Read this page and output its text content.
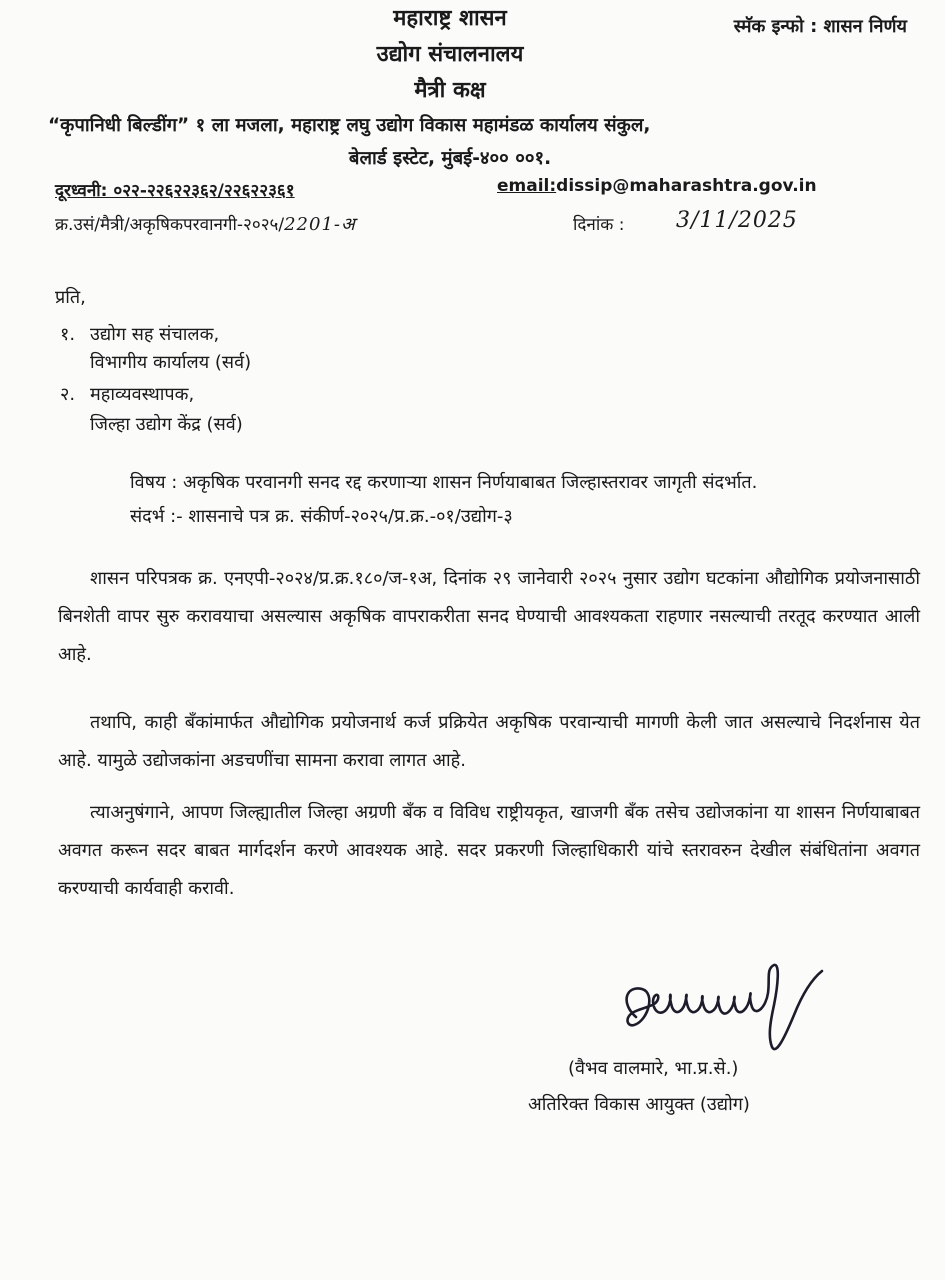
स्मॅक इन्फो : शासन निर्णय
महाराष्ट्र शासन
उद्योग संचालनालय
मैत्री कक्ष
“कृपानिधी बिल्डींग” १ ला मजला, महाराष्ट्र लघु उद्योग विकास महामंडळ कार्यालय संकुल,
बेलार्ड इस्टेट, मुंबई-४०० ००१.
दूरध्वनी: ०२२-२२६२२३६२/२२६२२३६१	email:dissip@maharashtra.gov.in
क्र.उसं/मैत्री/अकृषिकपरवानगी-२०२५/2201-अ	दिनांक : 3/11/2025
प्रति,
१. उद्योग सह संचालक,
विभागीय कार्यालय (सर्व)
२. महाव्यवस्थापक,
जिल्हा उद्योग केंद्र (सर्व)
विषय : अकृषिक परवानगी सनद रद्द करणाऱ्या शासन निर्णयाबाबत जिल्हास्तरावर जागृती संदर्भात.
संदर्भ :- शासनाचे पत्र क्र. संकीर्ण-२०२५/प्र.क्र.-०१/उद्योग-३
शासन परिपत्रक क्र. एनएपी-२०२४/प्र.क्र.१८०/ज-१अ, दिनांक २९ जानेवारी २०२५ नुसार उद्योग घटकांना औद्योगिक प्रयोजनासाठी बिनशेती वापर सुरु करावयाचा असल्यास अकृषिक वापराकरीता सनद घेण्याची आवश्यकता राहणार नसल्याची तरतूद करण्यात आली आहे.
तथापि, काही बँकांमार्फत औद्योगिक प्रयोजनार्थ कर्ज प्रक्रियेत अकृषिक परवान्याची मागणी केली जात असल्याचे निदर्शनास येत आहे. यामुळे उद्योजकांना अडचणींचा सामना करावा लागत आहे.
त्याअनुषंगाने, आपण जिल्ह्यातील जिल्हा अग्रणी बँक व विविध राष्ट्रीयकृत, खाजगी बँक तसेच उद्योजकांना या शासन निर्णयाबाबत अवगत करून सदर बाबत मार्गदर्शन करणे आवश्यक आहे. सदर प्रकरणी जिल्हाधिकारी यांचे स्तरावरुन देखील संबंधितांना अवगत करण्याची कार्यवाही करावी.
(वैभव वालमारे, भा.प्र.से.)
अतिरिक्त विकास आयुक्त (उद्योग)
